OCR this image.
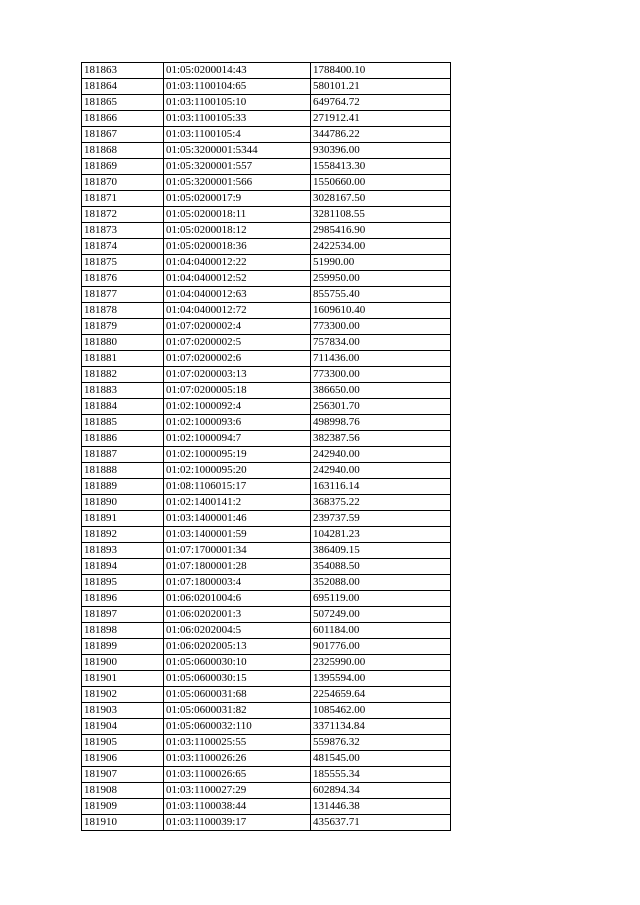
181863	01:05:0200014:43	1788400.10
181864	01:03:1100104:65	580101.21
181865	01:03:1100105:10	649764.72
181866	01:03:1100105:33	271912.41
181867	01:03:1100105:4	344786.22
181868	01:05:3200001:5344	930396.00
181869	01:05:3200001:557	1558413.30
181870	01:05:3200001:566	1550660.00
181871	01:05:0200017:9	3028167.50
181872	01:05:0200018:11	3281108.55
181873	01:05:0200018:12	2985416.90
181874	01:05:0200018:36	2422534.00
181875	01:04:0400012:22	51990.00
181876	01:04:0400012:52	259950.00
181877	01:04:0400012:63	855755.40
181878	01:04:0400012:72	1609610.40
181879	01:07:0200002:4	773300.00
181880	01:07:0200002:5	757834.00
181881	01:07:0200002:6	711436.00
181882	01:07:0200003:13	773300.00
181883	01:07:0200005:18	386650.00
181884	01:02:1000092:4	256301.70
181885	01:02:1000093:6	498998.76
181886	01:02:1000094:7	382387.56
181887	01:02:1000095:19	242940.00
181888	01:02:1000095:20	242940.00
181889	01:08:1106015:17	163116.14
181890	01:02:1400141:2	368375.22
181891	01:03:1400001:46	239737.59
181892	01:03:1400001:59	104281.23
181893	01:07:1700001:34	386409.15
181894	01:07:1800001:28	354088.50
181895	01:07:1800003:4	352088.00
181896	01:06:0201004:6	695119.00
181897	01:06:0202001:3	507249.00
181898	01:06:0202004:5	601184.00
181899	01:06:0202005:13	901776.00
181900	01:05:0600030:10	2325990.00
181901	01:05:0600030:15	1395594.00
181902	01:05:0600031:68	2254659.64
181903	01:05:0600031:82	1085462.00
181904	01:05:0600032:110	3371134.84
181905	01:03:1100025:55	559876.32
181906	01:03:1100026:26	481545.00
181907	01:03:1100026:65	185555.34
181908	01:03:1100027:29	602894.34
181909	01:03:1100038:44	131446.38
181910	01:03:1100039:17	435637.71
